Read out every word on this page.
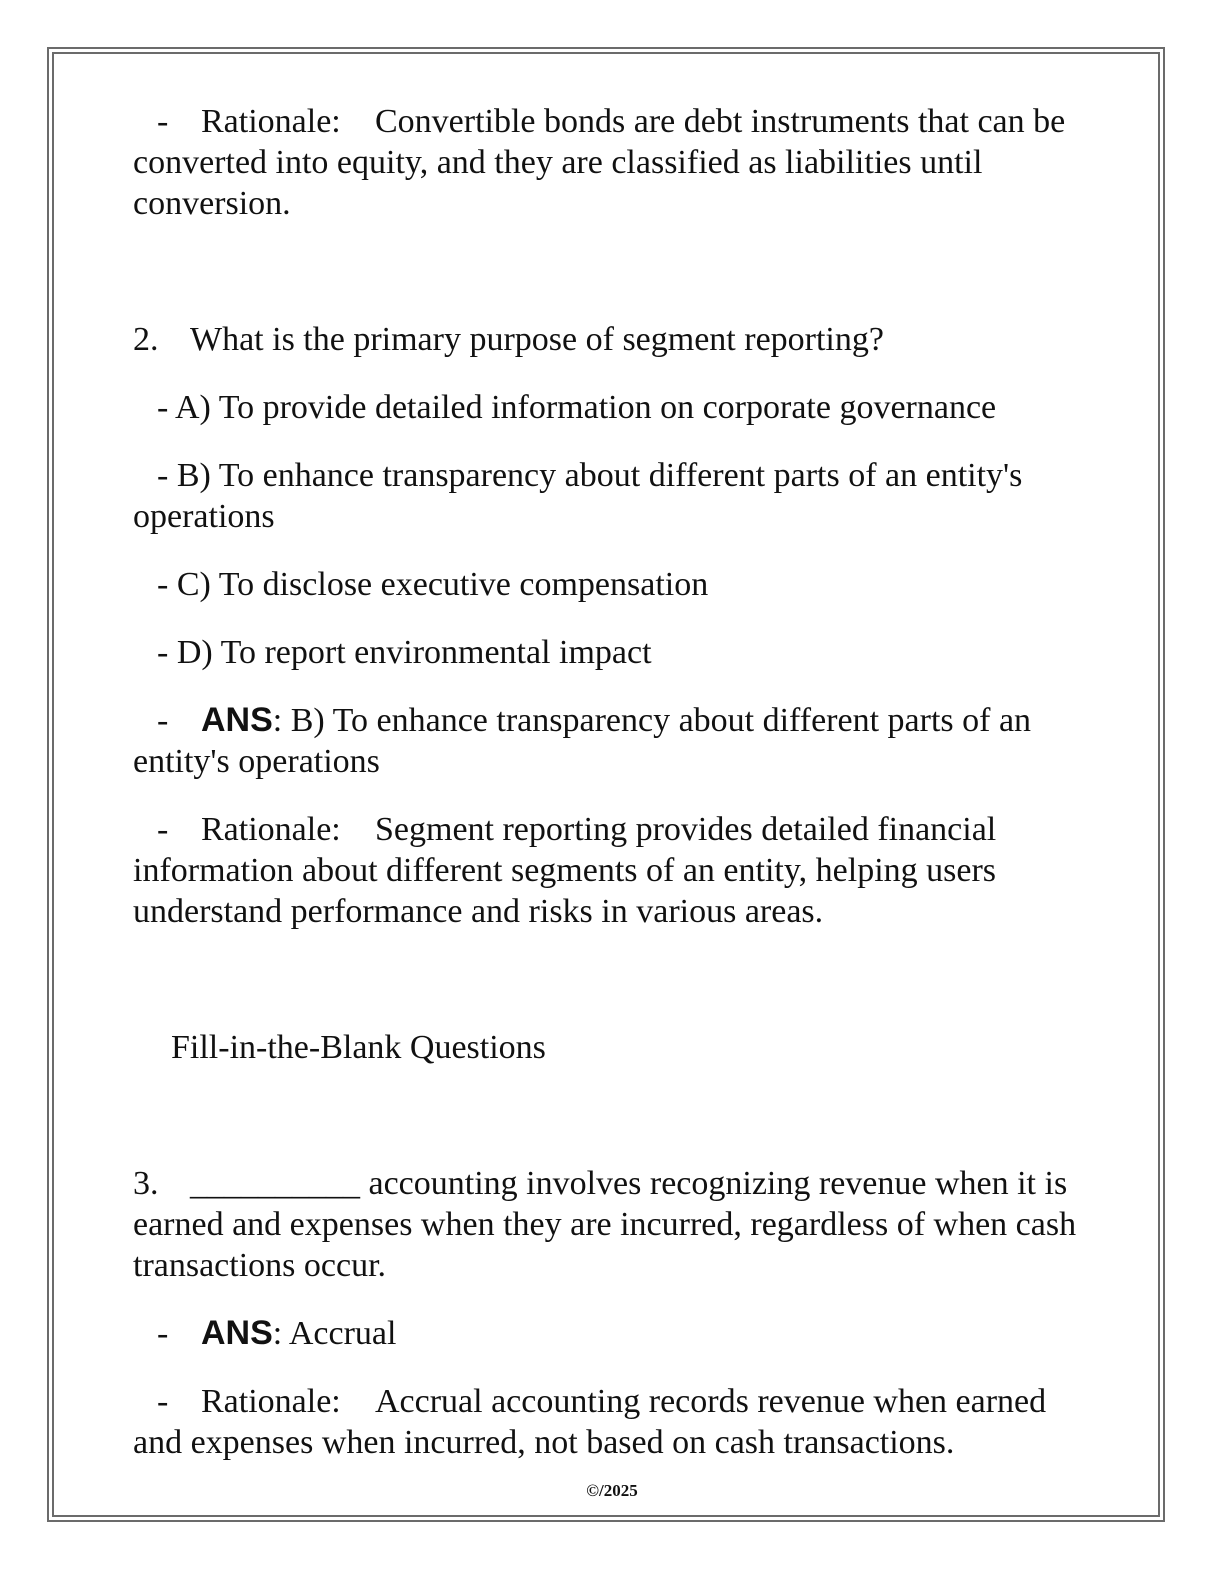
- Rationale: Convertible bonds are debt instruments that can be converted into equity, and they are classified as liabilities until conversion.

2. What is the primary purpose of segment reporting?

- A) To provide detailed information on corporate governance

- B) To enhance transparency about different parts of an entity's operations

- C) To disclose executive compensation

- D) To report environmental impact

- ANS: B) To enhance transparency about different parts of an entity's operations

- Rationale: Segment reporting provides detailed financial information about different segments of an entity, helping users understand performance and risks in various areas.

Fill-in-the-Blank Questions

3. __________ accounting involves recognizing revenue when it is earned and expenses when they are incurred, regardless of when cash transactions occur.

- ANS: Accrual

- Rationale: Accrual accounting records revenue when earned and expenses when incurred, not based on cash transactions.

©/2025
